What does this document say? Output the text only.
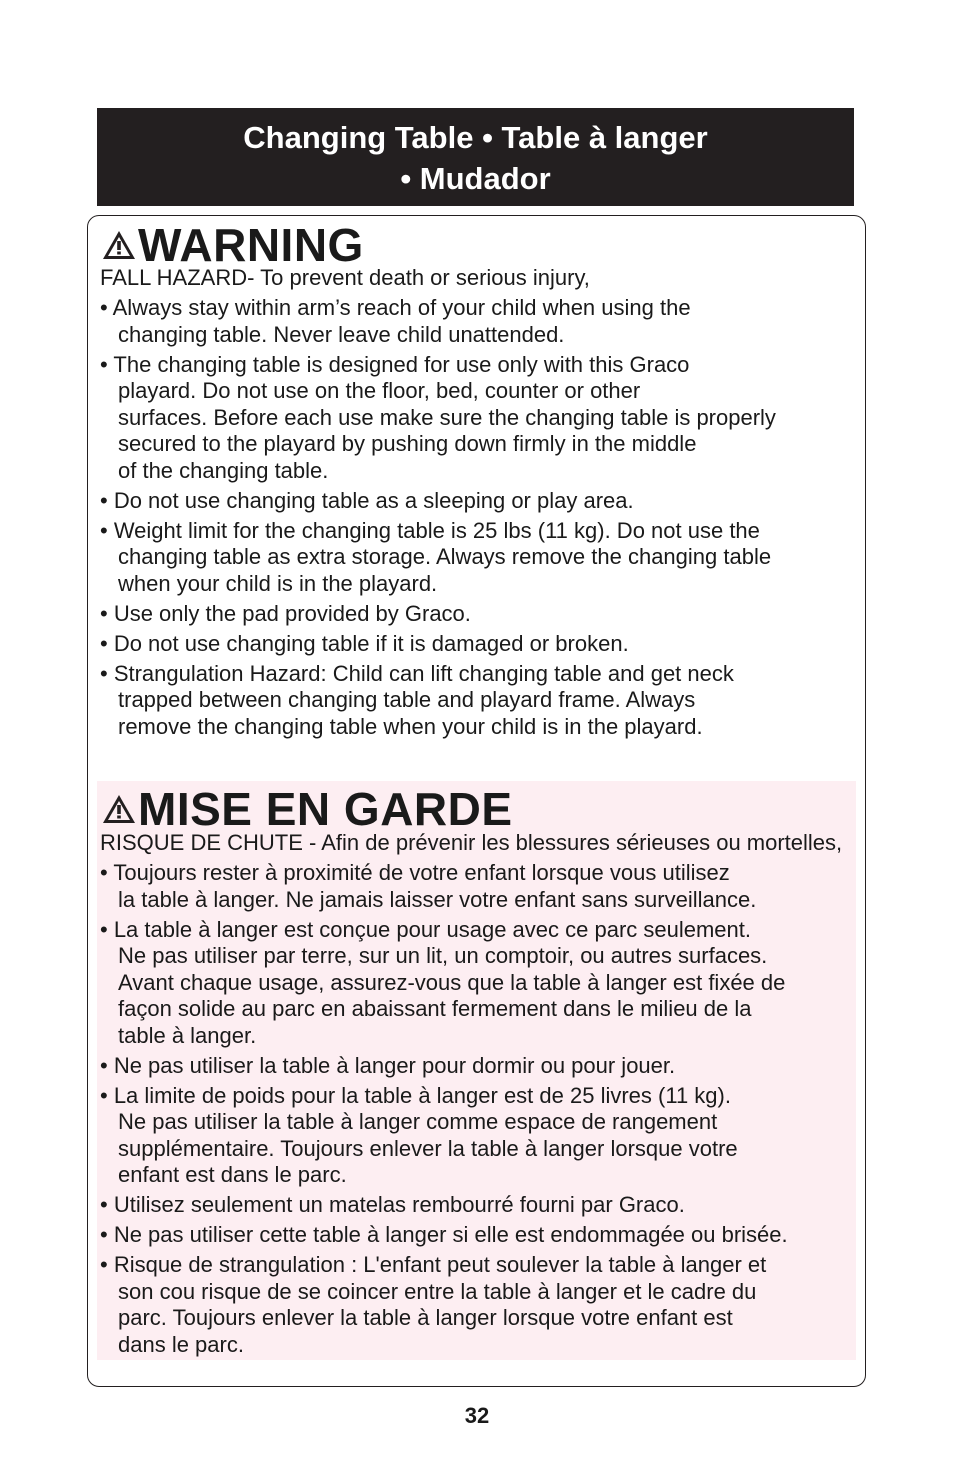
Changing Table • Table à langer
• Mudador
WARNING
FALL HAZARD- To prevent death or serious injury,
• Always stay within arm’s reach of your child when using the
changing table. Never leave child unattended.
• The changing table is designed for use only with this Graco
playard. Do not use on the floor, bed, counter or other
surfaces. Before each use make sure the changing table is properly
secured to the playard by pushing down firmly in the middle
of the changing table.
• Do not use changing table as a sleeping or play area.
• Weight limit for the changing table is 25 lbs (11 kg). Do not use the
changing table as extra storage. Always remove the changing table
when your child is in the playard.
• Use only the pad provided by Graco.
• Do not use changing table if it is damaged or broken.
• Strangulation Hazard: Child can lift changing table and get neck
trapped between changing table and playard frame. Always
remove the changing table when your child is in the playard.
MISE EN GARDE
RISQUE DE CHUTE - Afin de prévenir les blessures sérieuses ou mortelles,
• Toujours rester à proximité de votre enfant lorsque vous utilisez
la table à langer. Ne jamais laisser votre enfant sans surveillance.
• La table à langer est conçue pour usage avec ce parc seulement.
Ne pas utiliser par terre, sur un lit, un comptoir, ou autres surfaces.
Avant chaque usage, assurez-vous que la table à langer est fixée de
façon solide au parc en abaissant fermement dans le milieu de la
table à langer.
• Ne pas utiliser la table à langer pour dormir ou pour jouer.
• La limite de poids pour la table à langer est de 25 livres (11 kg).
Ne pas utiliser la table à langer comme espace de rangement
supplémentaire. Toujours enlever la table à langer lorsque votre
enfant est dans le parc.
• Utilisez seulement un matelas rembourré fourni par Graco.
• Ne pas utiliser cette table à langer si elle est endommagée ou brisée.
• Risque de strangulation : L'enfant peut soulever la table à langer et
son cou risque de se coincer entre la table à langer et le cadre du
parc. Toujours enlever la table à langer lorsque votre enfant est
dans le parc.
32
